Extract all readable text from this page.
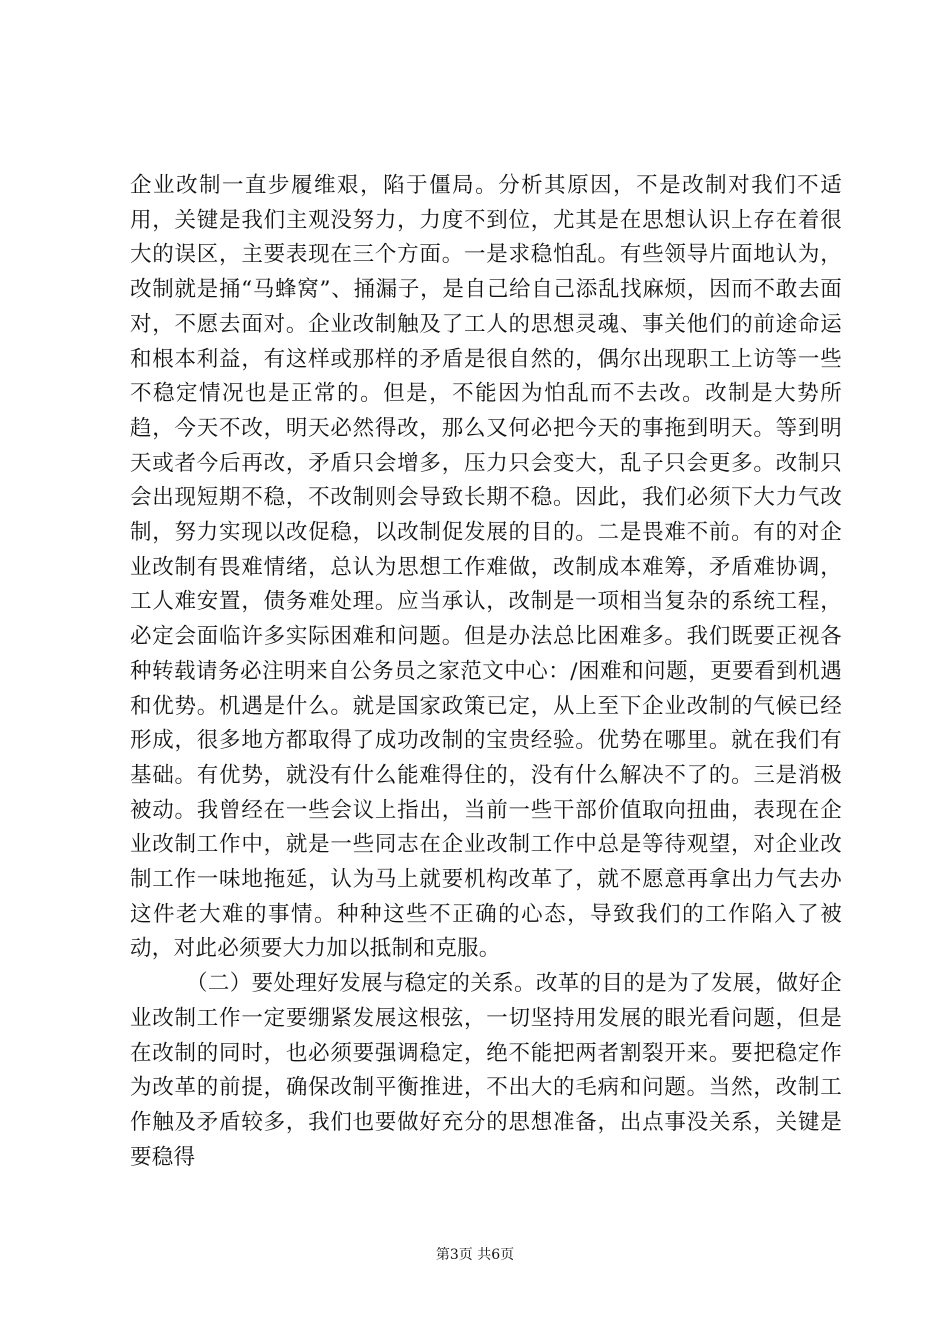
企业改制一直步履维艰，陷于僵局。分析其原因，不是改制对我们不适用，关键是我们主观没努力，力度不到位，尤其是在思想认识上存在着很大的误区，主要表现在三个方面。一是求稳怕乱。有些领导片面地认为，改制就是捅“马蜂窝”、捅漏子，是自己给自己添乱找麻烦，因而不敢去面对，不愿去面对。企业改制触及了工人的思想灵魂、事关他们的前途命运和根本利益，有这样或那样的矛盾是很自然的，偶尔出现职工上访等一些不稳定情况也是正常的。但是，不能因为怕乱而不去改。改制是大势所趋，今天不改，明天必然得改，那么又何必把今天的事拖到明天。等到明天或者今后再改，矛盾只会增多，压力只会变大，乱子只会更多。改制只会出现短期不稳，不改制则会导致长期不稳。因此，我们必须下大力气改制，努力实现以改促稳，以改制促发展的目的。二是畏难不前。有的对企业改制有畏难情绪，总认为思想工作难做，改制成本难筹，矛盾难协调，工人难安置，债务难处理。应当承认，改制是一项相当复杂的系统工程，必定会面临许多实际困难和问题。但是办法总比困难多。我们既要正视各种转载请务必注明来自公务员之家范文中心：/困难和问题，更要看到机遇和优势。机遇是什么。就是国家政策已定，从上至下企业改制的气候已经形成，很多地方都取得了成功改制的宝贵经验。优势在哪里。就在我们有基础。有优势，就没有什么能难得住的，没有什么解决不了的。三是消极被动。我曾经在一些会议上指出，当前一些干部价值取向扭曲，表现在企业改制工作中，就是一些同志在企业改制工作中总是等待观望，对企业改制工作一味地拖延，认为马上就要机构改革了，就不愿意再拿出力气去办这件老大难的事情。种种这些不正确的心态，导致我们的工作陷入了被动，对此必须要大力加以抵制和克服。

（二）要处理好发展与稳定的关系。改革的目的是为了发展，做好企业改制工作一定要绷紧发展这根弦，一切坚持用发展的眼光看问题，但是在改制的同时，也必须要强调稳定，绝不能把两者割裂开来。要把稳定作为改革的前提，确保改制平衡推进，不出大的毛病和问题。当然，改制工作触及矛盾较多，我们也要做好充分的思想准备，出点事没关系，关键是要稳得

第3页 共6页
